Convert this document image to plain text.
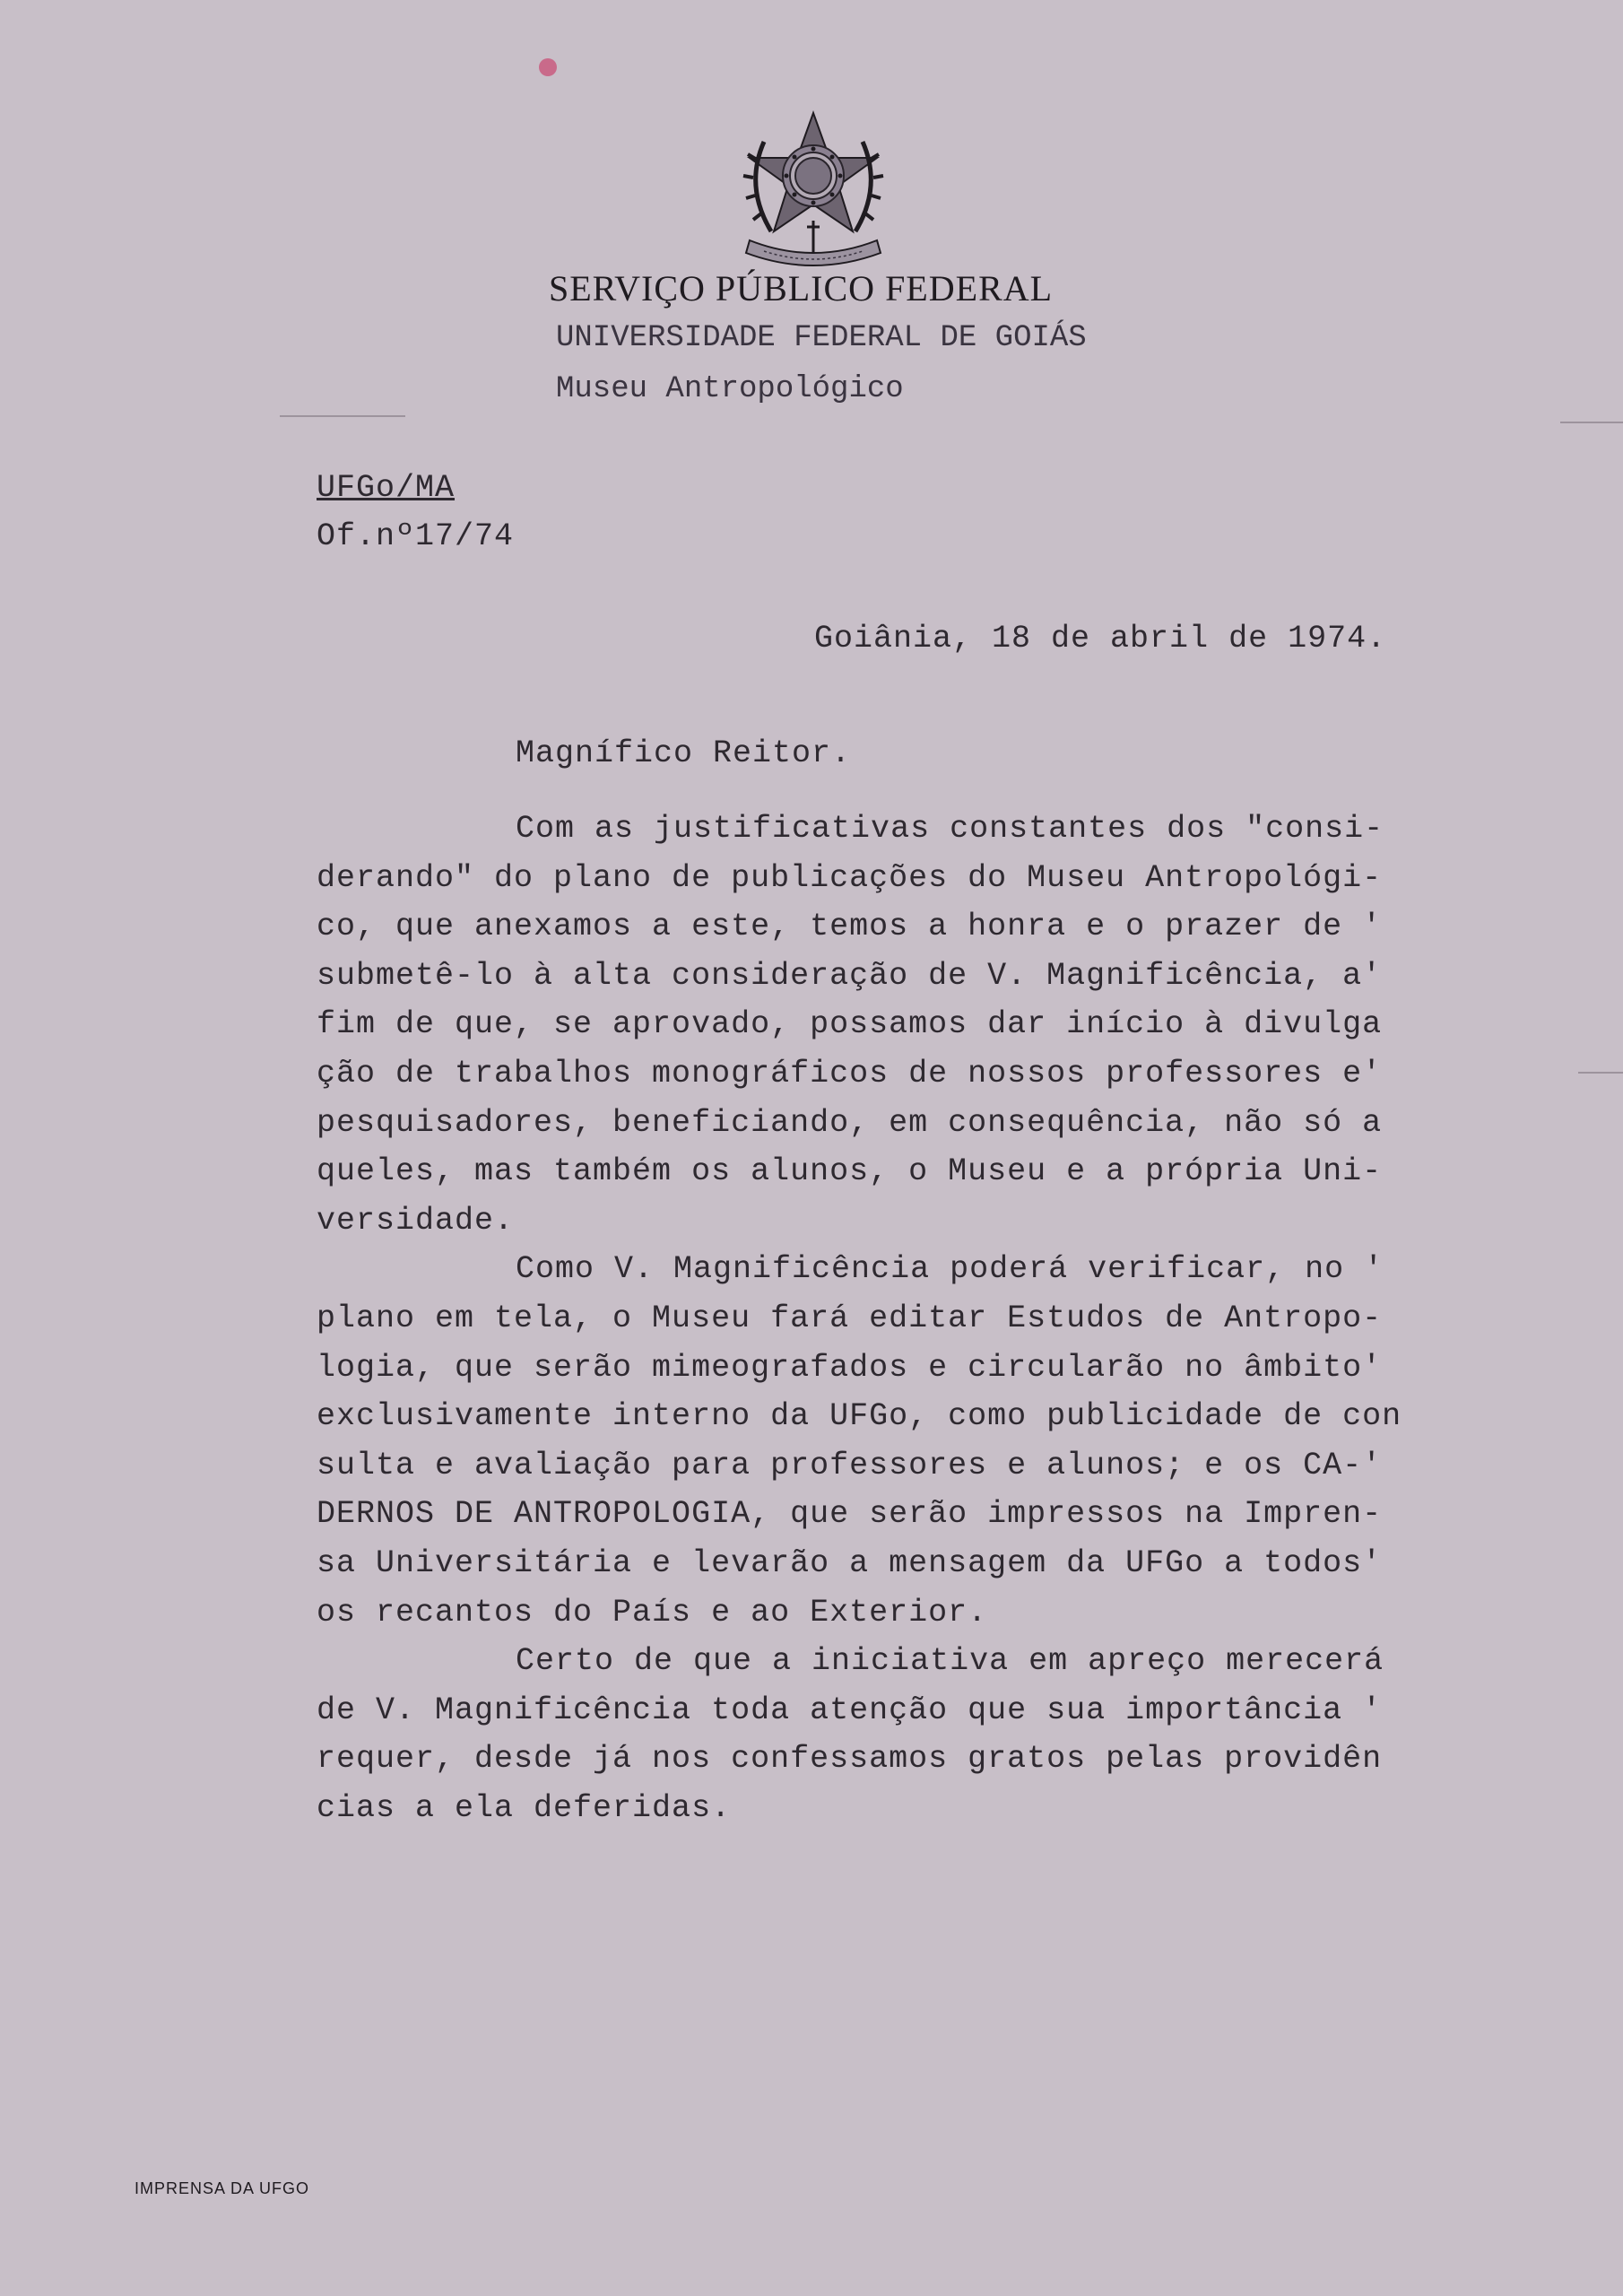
SERVIÇO PÚBLICO FEDERAL
UNIVERSIDADE FEDERAL DE GOIÁS
Museu Antropológico
UFGo/MA
Of.nº17/74
Goiânia, 18 de abril de 1974.
Magnífico Reitor.
Com as justificativas constantes dos "consi-
derando" do plano de publicações do Museu Antropológi-
co, que anexamos a este, temos a honra e o prazer de '
submetê-lo à alta consideração de V. Magnificência, a'
fim de que, se aprovado, possamos dar início à divulga
ção de trabalhos monográficos de nossos professores e'
pesquisadores, beneficiando, em consequência, não só a
queles, mas também os alunos, o Museu e a própria Uni-
versidade.
Como V. Magnificência poderá verificar, no '
plano em tela, o Museu fará editar Estudos de Antropo-
logia, que serão mimeografados e circularão no âmbito'
exclusivamente interno da UFGo, como publicidade de con
sulta e avaliação para professores e alunos; e os CA-'
DERNOS DE ANTROPOLOGIA, que serão impressos na Impren-
sa Universitária e levarão a mensagem da UFGo a todos'
os recantos do País e ao Exterior.
Certo de que a iniciativa em apreço merecerá
de V. Magnificência toda atenção que sua importância '
requer, desde já nos confessamos gratos pelas providên
cias a ela deferidas.
IMPRENSA DA UFGO
